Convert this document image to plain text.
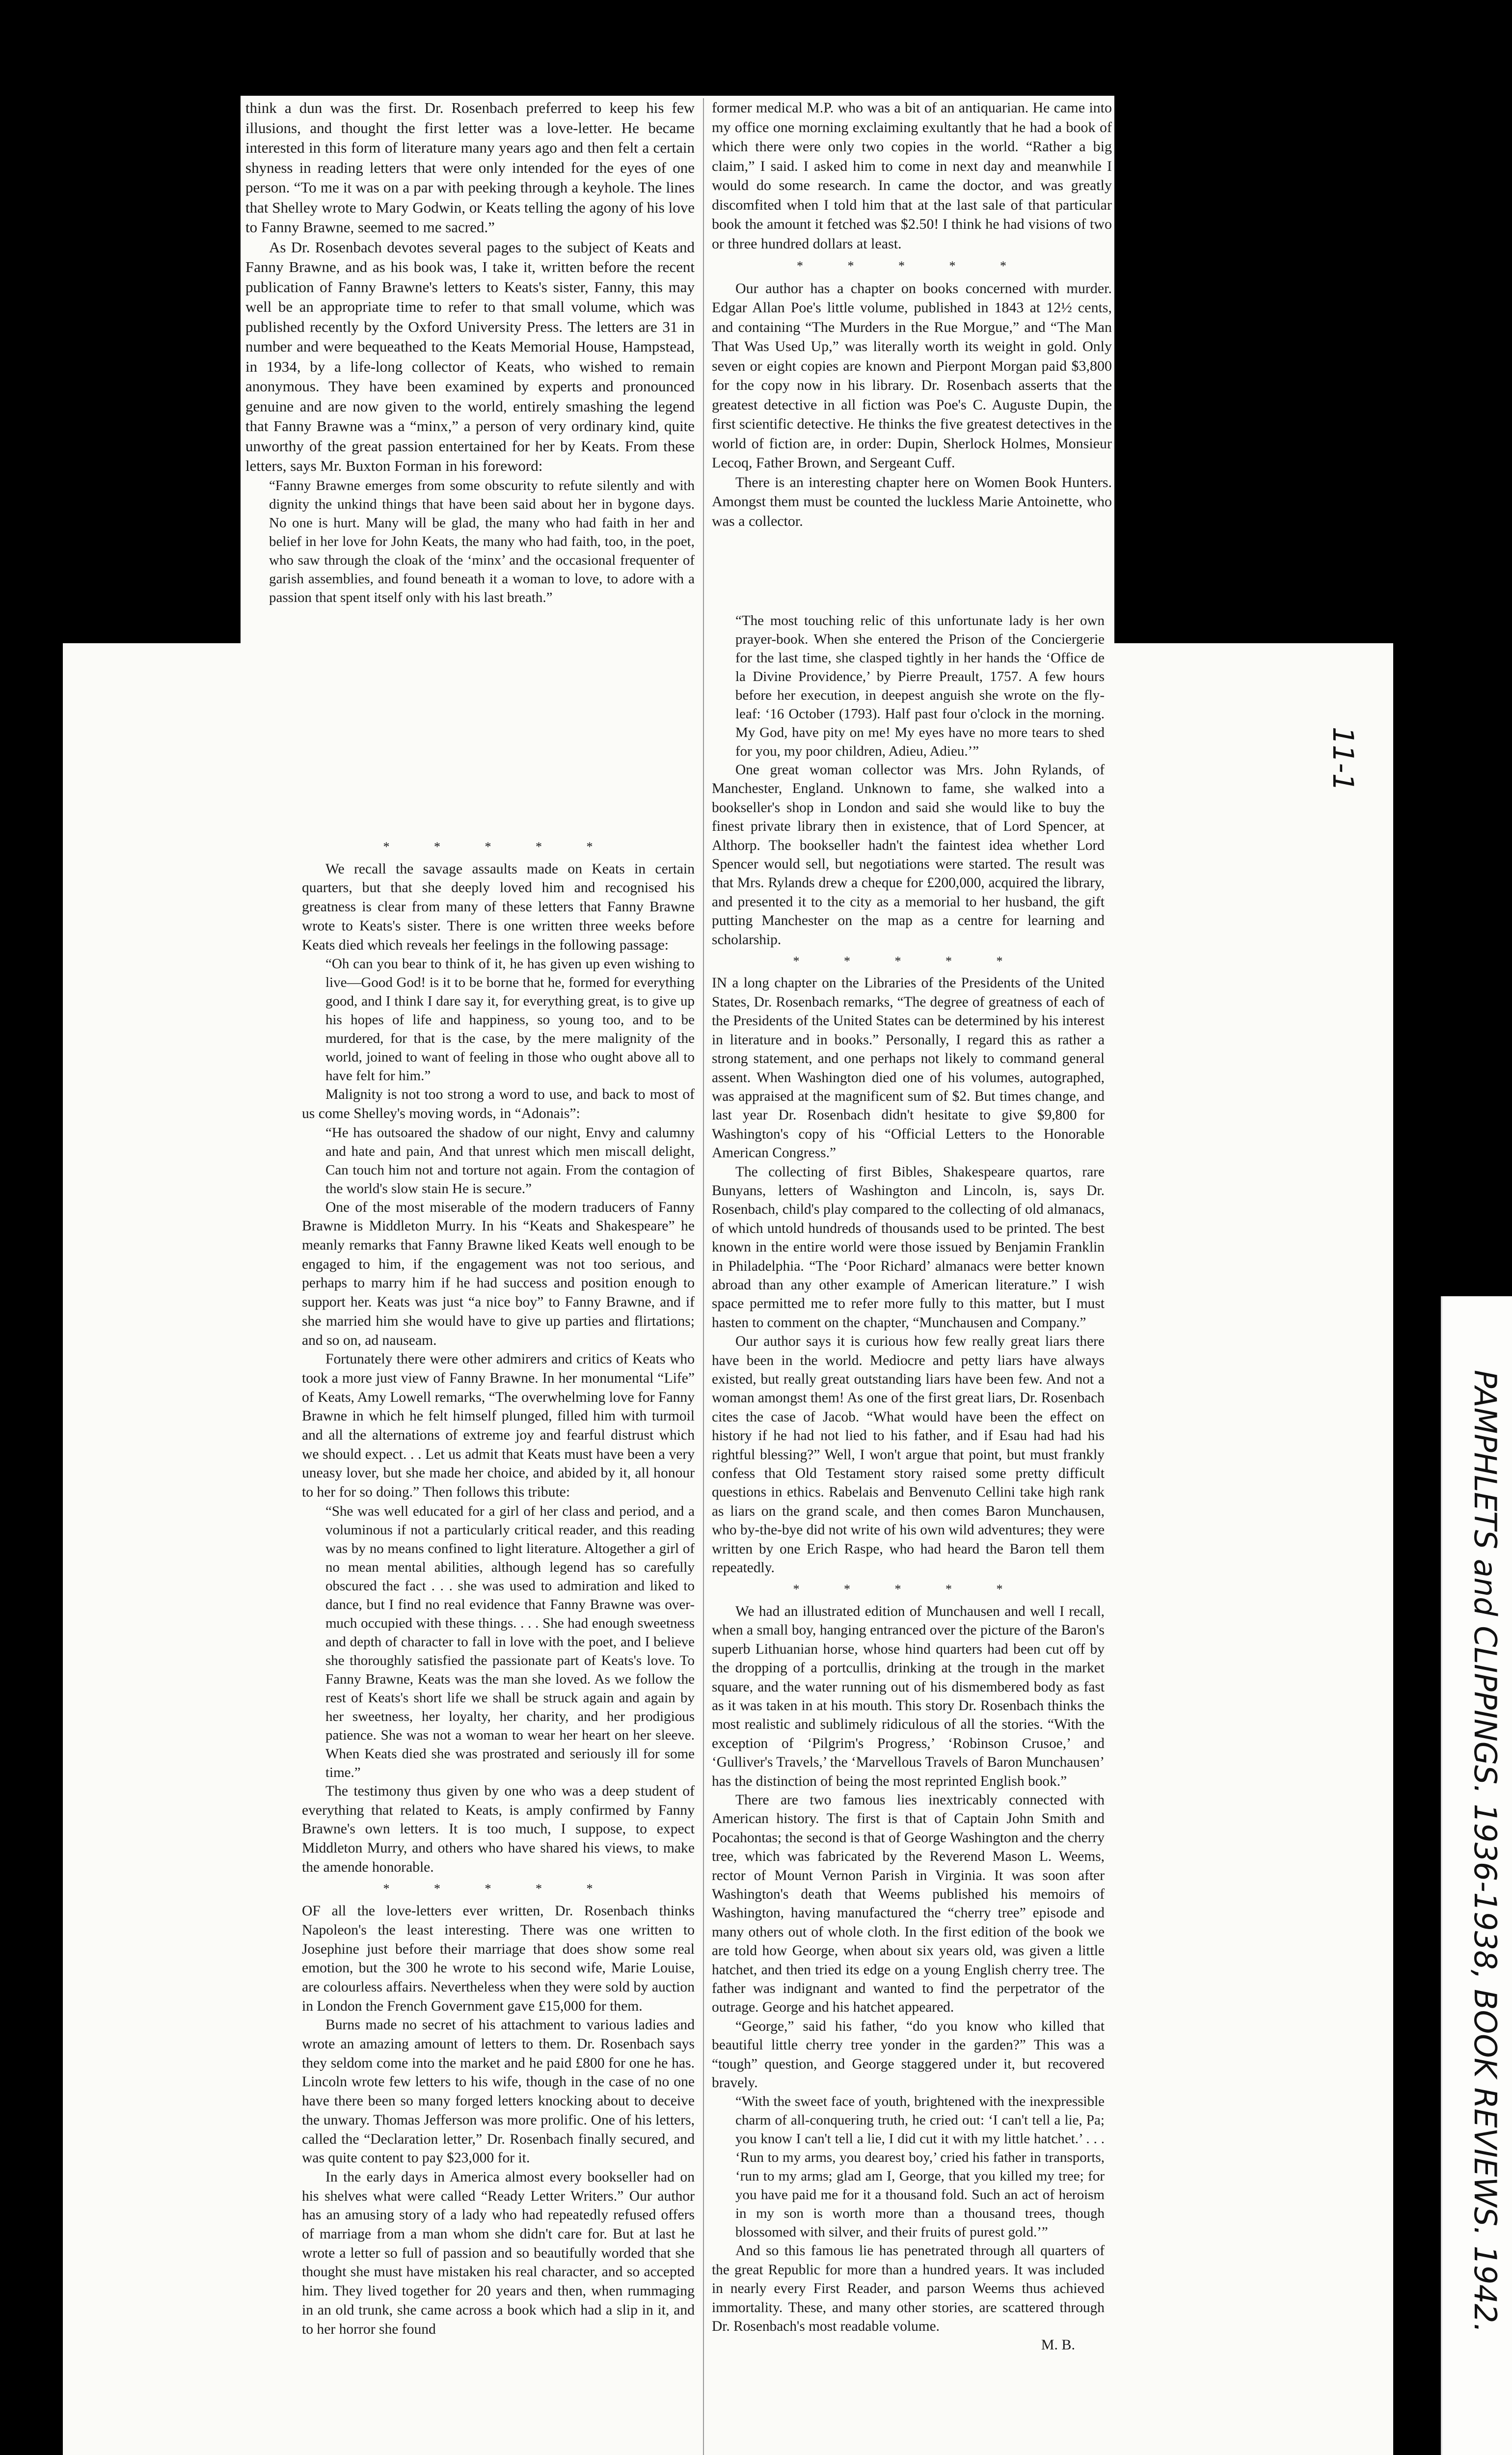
think a dun was the first. Dr. Rosenbach preferred to keep his few illusions, and thought the first letter was a love-letter. He became interested in this form of literature many years ago and then felt a certain shyness in reading letters that were only intended for the eyes of one person. “To me it was on a par with peeking through a keyhole. The lines that Shelley wrote to Mary Godwin, or Keats telling the agony of his love to Fanny Brawne, seemed to me sacred.”

As Dr. Rosenbach devotes several pages to the subject of Keats and Fanny Brawne, and as his book was, I take it, written before the recent publication of Fanny Brawne's letters to Keats's sister, Fanny, this may well be an appropriate time to refer to that small volume, which was published recently by the Oxford University Press. The letters are 31 in number and were bequeathed to the Keats Memorial House, Hampstead, in 1934, by a life-long collector of Keats, who wished to remain anonymous. They have been examined by experts and pronounced genuine and are now given to the world, entirely smashing the legend that Fanny Brawne was a “minx,” a person of very ordinary kind, quite unworthy of the great passion entertained for her by Keats. From these letters, says Mr. Buxton Forman in his foreword:

“Fanny Brawne emerges from some obscurity to refute silently and with dignity the unkind things that have been said about her in bygone days. No one is hurt. Many will be glad, the many who had faith in her and belief in her love for John Keats, the many who had faith, too, in the poet, who saw through the cloak of the ‘minx’ and the occasional frequenter of garish assemblies, and found beneath it a woman to love, to adore with a passion that spent itself only with his last breath.”
* * * * *

We recall the savage assaults made on Keats in certain quarters, but that she deeply loved him and recognised his greatness is clear from many of these letters that Fanny Brawne wrote to Keats's sister. There is one written three weeks before Keats died which reveals her feelings in the following passage:

“Oh can you bear to think of it, he has given up even wishing to live—Good God! is it to be borne that he, formed for everything good, and I think I dare say it, for everything great, is to give up his hopes of life and happiness, so young too, and to be murdered, for that is the case, by the mere malignity of the world, joined to want of feeling in those who ought above all to have felt for him.”

Malignity is not too strong a word to use, and back to most of us come Shelley's moving words, in “Adonais”:

“He has outsoared the shadow of our night, Envy and calumny and hate and pain, And that unrest which men miscall delight, Can touch him not and torture not again. From the contagion of the world's slow stain He is secure.”

One of the most miserable of the modern traducers of Fanny Brawne is Middleton Murry. In his “Keats and Shakespeare” he meanly remarks that Fanny Brawne liked Keats well enough to be engaged to him, if the engagement was not too serious, and perhaps to marry him if he had success and position enough to support her. Keats was just “a nice boy” to Fanny Brawne, and if she married him she would have to give up parties and flirtations; and so on, ad nauseam.

Fortunately there were other admirers and critics of Keats who took a more just view of Fanny Brawne. In her monumental “Life” of Keats, Amy Lowell remarks, “The overwhelming love for Fanny Brawne in which he felt himself plunged, filled him with turmoil and all the alternations of extreme joy and fearful distrust which we should expect. . . Let us admit that Keats must have been a very uneasy lover, but she made her choice, and abided by it, all honour to her for so doing.” Then follows this tribute:

“She was well educated for a girl of her class and period, and a voluminous if not a particularly critical reader, and this reading was by no means confined to light literature. Altogether a girl of no mean mental abilities, although legend has so carefully obscured the fact . . . she was used to admiration and liked to dance, but I find no real evidence that Fanny Brawne was over-much occupied with these things. . . . She had enough sweetness and depth of character to fall in love with the poet, and I believe she thoroughly satisfied the passionate part of Keats's love. To Fanny Brawne, Keats was the man she loved. As we follow the rest of Keats's short life we shall be struck again and again by her sweetness, her loyalty, her charity, and her prodigious patience. She was not a woman to wear her heart on her sleeve. When Keats died she was prostrated and seriously ill for some time.”

The testimony thus given by one who was a deep student of everything that related to Keats, is amply confirmed by Fanny Brawne's own letters. It is too much, I suppose, to expect Middleton Murry, and others who have shared his views, to make the amende honorable.

* * * * *

OF all the love-letters ever written, Dr. Rosenbach thinks Napoleon's the least interesting. There was one written to Josephine just before their marriage that does show some real emotion, but the 300 he wrote to his second wife, Marie Louise, are colourless affairs. Nevertheless when they were sold by auction in London the French Government gave £15,000 for them.

Burns made no secret of his attachment to various ladies and wrote an amazing amount of letters to them. Dr. Rosenbach says they seldom come into the market and he paid £800 for one he has. Lincoln wrote few letters to his wife, though in the case of no one have there been so many forged letters knocking about to deceive the unwary. Thomas Jefferson was more prolific. One of his letters, called the “Declaration letter,” Dr. Rosenbach finally secured, and was quite content to pay $23,000 for it.

In the early days in America almost every bookseller had on his shelves what were called “Ready Letter Writers.” Our author has an amusing story of a lady who had repeatedly refused offers of marriage from a man whom she didn't care for. But at last he wrote a letter so full of passion and so beautifully worded that she thought she must have mistaken his real character, and so accepted him. They lived together for 20 years and then, when rummaging in an old trunk, she came across a book which had a slip in it, and to her horror she found

former medical M.P. who was a bit of an antiquarian. He came into my office one morning exclaiming exultantly that he had a book of which there were only two copies in the world. “Rather a big claim,” I said. I asked him to come in next day and meanwhile I would do some research. In came the doctor, and was greatly discomfited when I told him that at the last sale of that particular book the amount it fetched was $2.50! I think he had visions of two or three hundred dollars at least.

* * * * *

Our author has a chapter on books concerned with murder. Edgar Allan Poe's little volume, published in 1843 at 12½ cents, and containing “The Murders in the Rue Morgue,” and “The Man That Was Used Up,” was literally worth its weight in gold. Only seven or eight copies are known and Pierpont Morgan paid $3,800 for the copy now in his library. Dr. Rosenbach asserts that the greatest detective in all fiction was Poe's C. Auguste Dupin, the first scientific detective. He thinks the five greatest detectives in the world of fiction are, in order: Dupin, Sherlock Holmes, Monsieur Lecoq, Father Brown, and Sergeant Cuff.

There is an interesting chapter here on Women Book Hunters. Amongst them must be counted the luckless Marie Antoinette, who was a collector.

“The most touching relic of this unfortunate lady is her own prayer-book. When she entered the Prison of the Conciergerie for the last time, she clasped tightly in her hands the ‘Office de la Divine Providence,’ by Pierre Preault, 1757. A few hours before her execution, in deepest anguish she wrote on the fly-leaf: ‘16 October (1793). Half past four o'clock in the morning. My God, have pity on me! My eyes have no more tears to shed for you, my poor children, Adieu, Adieu.’”

One great woman collector was Mrs. John Rylands, of Manchester, England. Unknown to fame, she walked into a bookseller's shop in London and said she would like to buy the finest private library then in existence, that of Lord Spencer, at Althorp. The bookseller hadn't the faintest idea whether Lord Spencer would sell, but negotiations were started. The result was that Mrs. Rylands drew a cheque for £200,000, acquired the library, and presented it to the city as a memorial to her husband, the gift putting Manchester on the map as a centre for learning and scholarship.

* * * * *

IN a long chapter on the Libraries of the Presidents of the United States, Dr. Rosenbach remarks, “The degree of greatness of each of the Presidents of the United States can be determined by his interest in literature and in books.” Personally, I regard this as rather a strong statement, and one perhaps not likely to command general assent. When Washington died one of his volumes, autographed, was appraised at the magnificent sum of $2. But times change, and last year Dr. Rosenbach didn't hesitate to give $9,800 for Washington's copy of his “Official Letters to the Honorable American Congress.”

The collecting of first Bibles, Shakespeare quartos, rare Bunyans, letters of Washington and Lincoln, is, says Dr. Rosenbach, child's play compared to the collecting of old almanacs, of which untold hundreds of thousands used to be printed. The best known in the entire world were those issued by Benjamin Franklin in Philadelphia. “The ‘Poor Richard’ almanacs were better known abroad than any other example of American literature.” I wish space permitted me to refer more fully to this matter, but I must hasten to comment on the chapter, “Munchausen and Company.”

Our author says it is curious how few really great liars there have been in the world. Mediocre and petty liars have always existed, but really great outstanding liars have been few. And not a woman amongst them! As one of the first great liars, Dr. Rosenbach cites the case of Jacob. “What would have been the effect on history if he had not lied to his father, and if Esau had had his rightful blessing?” Well, I won't argue that point, but must frankly confess that Old Testament story raised some pretty difficult questions in ethics. Rabelais and Benvenuto Cellini take high rank as liars on the grand scale, and then comes Baron Munchausen, who by-the-bye did not write of his own wild adventures; they were written by one Erich Raspe, who had heard the Baron tell them repeatedly.

* * * * *

We had an illustrated edition of Munchausen and well I recall, when a small boy, hanging entranced over the picture of the Baron's superb Lithuanian horse, whose hind quarters had been cut off by the dropping of a portcullis, drinking at the trough in the market square, and the water running out of his dismembered body as fast as it was taken in at his mouth. This story Dr. Rosenbach thinks the most realistic and sublimely ridiculous of all the stories. “With the exception of ‘Pilgrim's Progress,’ ‘Robinson Crusoe,’ and ‘Gulliver's Travels,’ the ‘Marvellous Travels of Baron Munchausen’ has the distinction of being the most reprinted English book.”

There are two famous lies inextricably connected with American history. The first is that of Captain John Smith and Pocahontas; the second is that of George Washington and the cherry tree, which was fabricated by the Reverend Mason L. Weems, rector of Mount Vernon Parish in Virginia. It was soon after Washington's death that Weems published his memoirs of Washington, having manufactured the “cherry tree” episode and many others out of whole cloth. In the first edition of the book we are told how George, when about six years old, was given a little hatchet, and then tried its edge on a young English cherry tree. The father was indignant and wanted to find the perpetrator of the outrage. George and his hatchet appeared.

“George,” said his father, “do you know who killed that beautiful little cherry tree yonder in the garden?” This was a “tough” question, and George staggered under it, but recovered bravely.

“With the sweet face of youth, brightened with the inexpressible charm of all-conquering truth, he cried out: ‘I can't tell a lie, Pa; you know I can't tell a lie, I did cut it with my little hatchet.’ . . . ‘Run to my arms, you dearest boy,’ cried his father in transports, ‘run to my arms; glad am I, George, that you killed my tree; for you have paid me for it a thousand fold. Such an act of heroism in my son is worth more than a thousand trees, though blossomed with silver, and their fruits of purest gold.’”

And so this famous lie has penetrated through all quarters of the great Republic for more than a hundred years. It was included in nearly every First Reader, and parson Weems thus achieved immortality. These, and many other stories, are scattered through Dr. Rosenbach's most readable volume.

M. B.
11-1
PAMPHLETS and CLIPPINGS. 1936-1938, BOOK REVIEWS. 1942.
